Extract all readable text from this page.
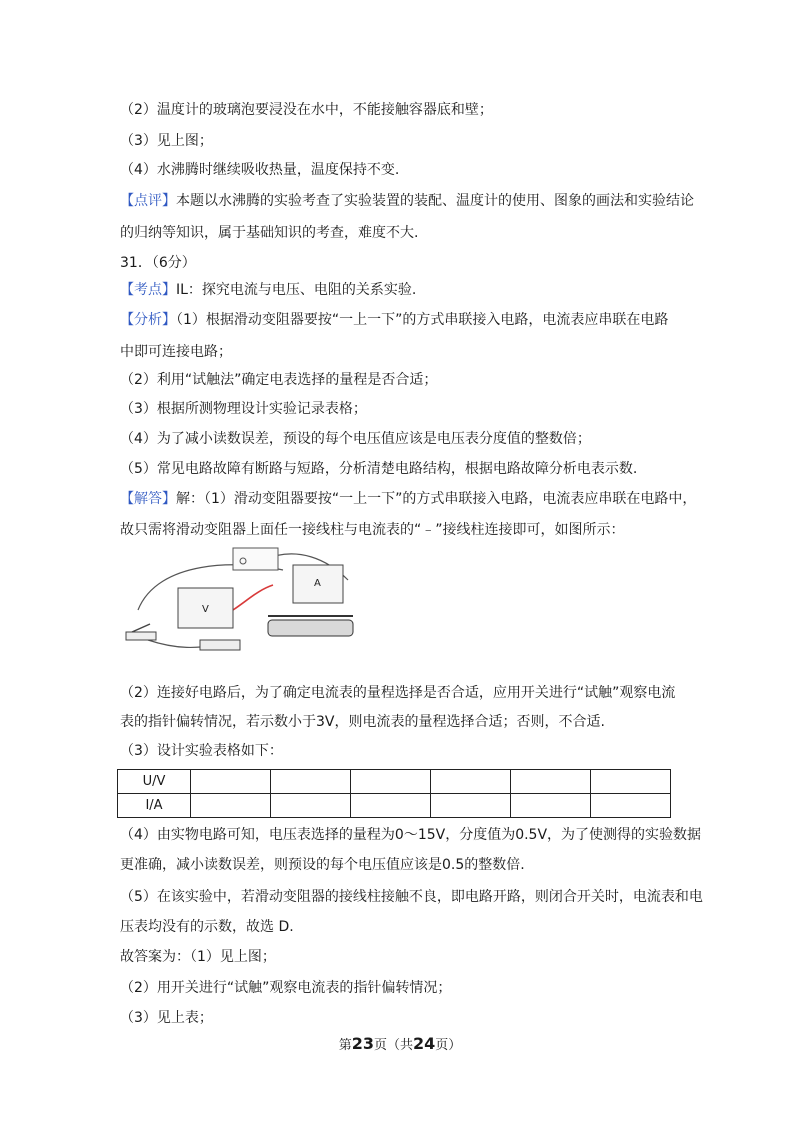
（2）温度计的玻璃泡要浸没在水中，不能接触容器底和壁；
（3）见上图；
（4）水沸腾时继续吸收热量，温度保持不变.
【点评】本题以水沸腾的实验考查了实验装置的装配、温度计的使用、图象的画法和实验结论
的归纳等知识，属于基础知识的考查，难度不大.
31．（6分）
【考点】IL：探究电流与电压、电阻的关系实验.
【分析】（1）根据滑动变阻器要按“一上一下”的方式串联接入电路，电流表应串联在电路
中即可连接电路；
（2）利用“试触法”确定电表选择的量程是否合适；
（3）根据所测物理设计实验记录表格；
（4）为了减小读数误差，预设的每个电压值应该是电压表分度值的整数倍；
（5）常见电路故障有断路与短路，分析清楚电路结构，根据电路故障分析电表示数.
【解答】解：（1）滑动变阻器要按“一上一下”的方式串联接入电路，电流表应串联在电路中，
故只需将滑动变阻器上面任一接线柱与电流表的“﹣”接线柱连接即可，如图所示：
V
A
（2）连接好电路后，为了确定电流表的量程选择是否合适，应用开关进行“试触”观察电流
表的指针偏转情况，若示数小于3V，则电流表的量程选择合适；否则，不合适.
（3）设计实验表格如下：
U/V						
I/A						
（4）由实物电路可知，电压表选择的量程为0～15V，分度值为0.5V，为了使测得的实验数据
更准确，减小读数误差，则预设的每个电压值应该是0.5的整数倍.
（5）在该实验中，若滑动变阻器的接线柱接触不良，即电路开路，则闭合开关时，电流表和电
压表均没有的示数，故选 D.
故答案为：（1）见上图；
（2）用开关进行“试触”观察电流表的指针偏转情况；
（3）见上表；
第23页（共24页）
